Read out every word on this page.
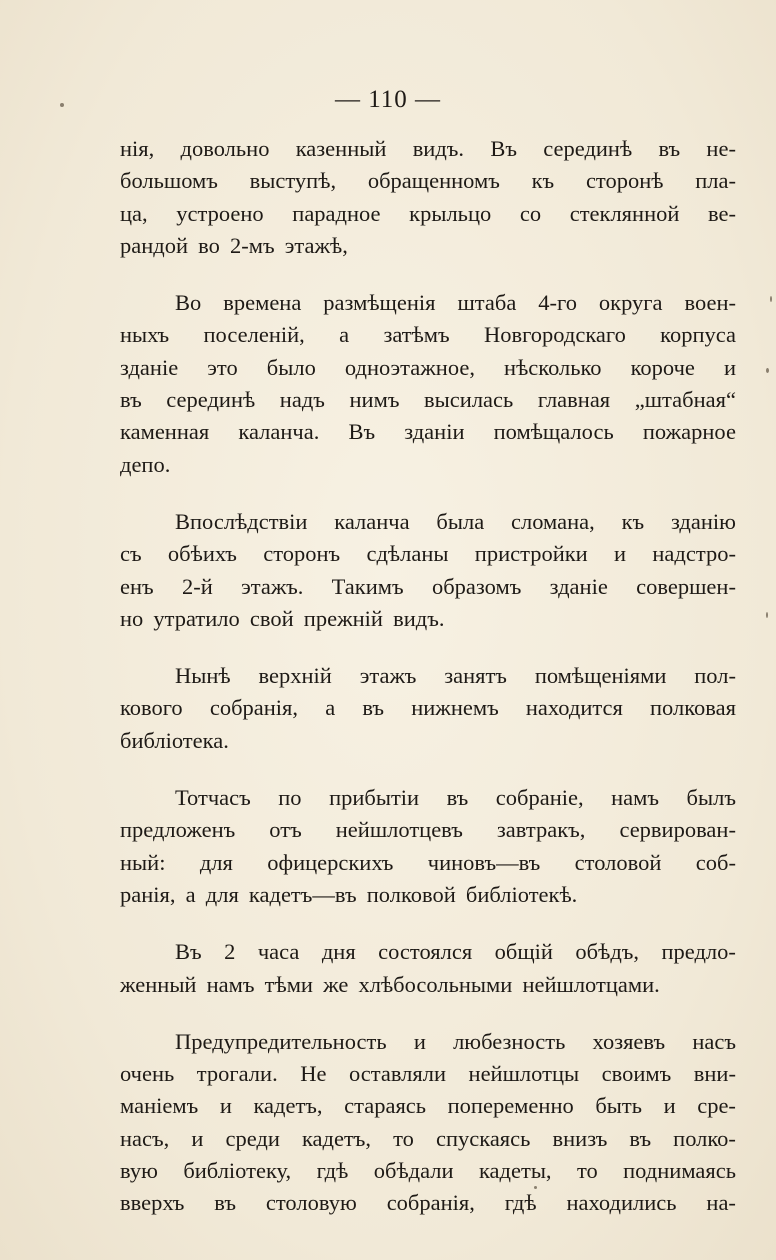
— 110 —
нія, довольно казенный видъ. Въ серединѣ въ не-
большомъ выступѣ, обращенномъ къ сторонѣ пла-
ца, устроено парадное крыльцо со стеклянной ве-
рандой во 2-мъ этажѣ,
Во времена размѣщенія штаба 4-го округа воен-
ныхъ поселеній, а затѣмъ Новгородскаго корпуса
зданіе это было одноэтажное, нѣсколько короче и
въ серединѣ надъ нимъ высилась главная „штабная“
каменная каланча. Въ зданіи помѣщалось пожарное
депо.
Впослѣдствіи каланча была сломана, къ зданію
съ обѣихъ сторонъ сдѣланы пристройки и надстро-
енъ 2-й этажъ. Такимъ образомъ зданіе совершен-
но утратило свой прежній видъ.
Нынѣ верхній этажъ занятъ помѣщеніями пол-
кового собранія, а въ нижнемъ находится полковая
библіотека.
Тотчасъ по прибытіи въ собраніе, намъ былъ
предложенъ отъ нейшлотцевъ завтракъ, сервирован-
ный: для офицерскихъ чиновъ—въ столовой соб-
ранія, а для кадетъ—въ полковой библіотекѣ.
Въ 2 часа дня состоялся общій обѣдъ, предло-
женный намъ тѣми же хлѣбосольными нейшлотцами.
Предупредительность и любезность хозяевъ насъ
очень трогали. Не оставляли нейшлотцы своимъ вни-
маніемъ и кадетъ, стараясь попеременно быть и сре-
насъ, и среди кадетъ, то спускаясь внизъ въ полко-
вую библіотеку, гдѣ обѣдали кадеты, то поднимаясь
вверхъ въ столовую собранія, гдѣ находились на-
